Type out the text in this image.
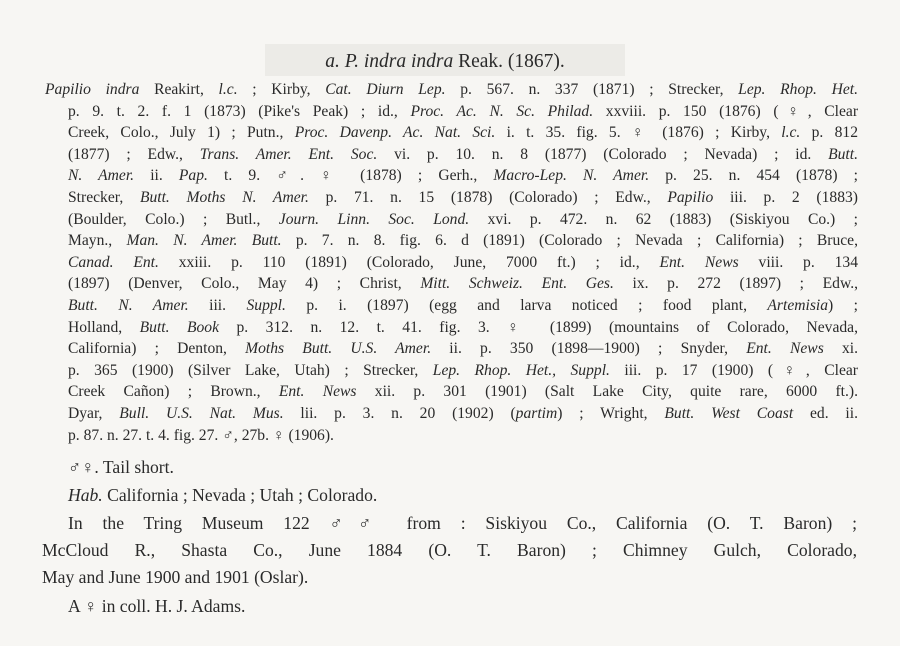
a. P. indra indra Reak. (1867).
Papilio indra Reakirt, l.c. ; Kirby, Cat. Diurn Lep. p. 567. n. 337 (1871) ; Strecker, Lep. Rhop. Het.
p. 9. t. 2. f. 1 (1873) (Pike's Peak) ; id., Proc. Ac. N. Sc. Philad. xxviii. p. 150 (1876) (♀, Clear
Creek, Colo., July 1) ; Putn., Proc. Davenp. Ac. Nat. Sci. i. t. 35. fig. 5. ♀ (1876) ; Kirby, l.c. p. 812
(1877) ; Edw., Trans. Amer. Ent. Soc. vi. p. 10. n. 8 (1877) (Colorado ; Nevada) ; id. Butt.
N. Amer. ii. Pap. t. 9. ♂. ♀ (1878) ; Gerh., Macro-Lep. N. Amer. p. 25. n. 454 (1878) ;
Strecker, Butt. Moths N. Amer. p. 71. n. 15 (1878) (Colorado) ; Edw., Papilio iii. p. 2 (1883)
(Boulder, Colo.) ; Butl., Journ. Linn. Soc. Lond. xvi. p. 472. n. 62 (1883) (Siskiyou Co.) ;
Mayn., Man. N. Amer. Butt. p. 7. n. 8. fig. 6. d (1891) (Colorado ; Nevada ; California) ; Bruce,
Canad. Ent. xxiii. p. 110 (1891) (Colorado, June, 7000 ft.) ; id., Ent. News viii. p. 134
(1897) (Denver, Colo., May 4) ; Christ, Mitt. Schweiz. Ent. Ges. ix. p. 272 (1897) ; Edw.,
Butt. N. Amer. iii. Suppl. p. i. (1897) (egg and larva noticed ; food plant, Artemisia) ;
Holland, Butt. Book p. 312. n. 12. t. 41. fig. 3. ♀ (1899) (mountains of Colorado, Nevada,
California) ; Denton, Moths Butt. U.S. Amer. ii. p. 350 (1898—1900) ; Snyder, Ent. News xi.
p. 365 (1900) (Silver Lake, Utah) ; Strecker, Lep. Rhop. Het., Suppl. iii. p. 17 (1900) (♀, Clear
Creek Cañon) ; Brown., Ent. News xii. p. 301 (1901) (Salt Lake City, quite rare, 6000 ft.).
Dyar, Bull. U.S. Nat. Mus. lii. p. 3. n. 20 (1902) (partim) ; Wright, Butt. West Coast ed. ii.
p. 87. n. 27. t. 4. fig. 27. ♂, 27b. ♀ (1906).
♂♀. Tail short.
Hab. California ; Nevada ; Utah ; Colorado.
In the Tring Museum 122 ♂♂ from : Siskiyou Co., California (O. T. Baron) ;
McCloud R., Shasta Co., June 1884 (O. T. Baron) ; Chimney Gulch, Colorado,
May and June 1900 and 1901 (Oslar).
A ♀ in coll. H. J. Adams.
